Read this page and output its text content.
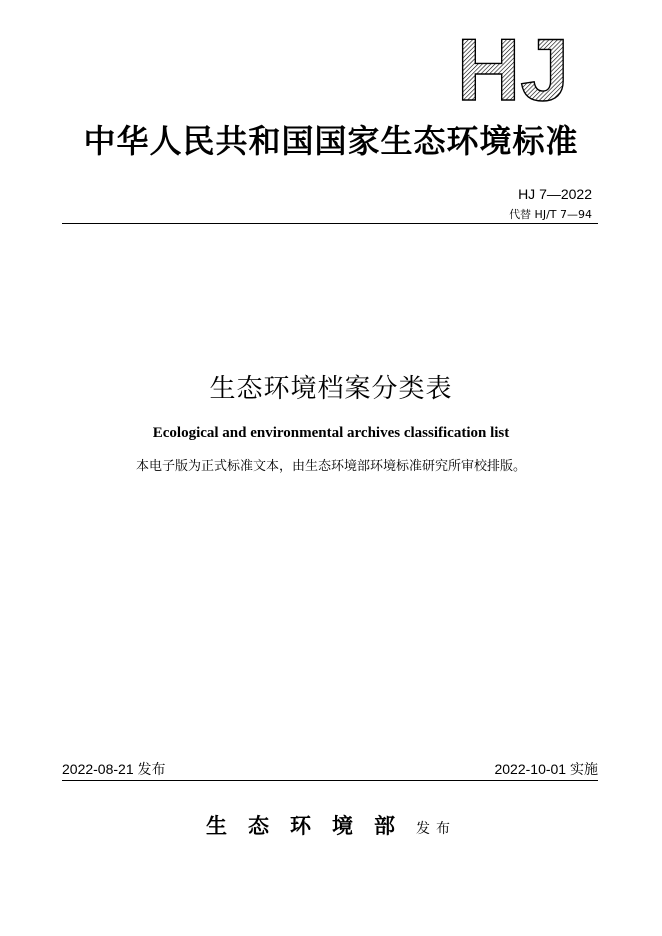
HJ
中华人民共和国国家生态环境标准
HJ 7—2022
代替 HJ/T 7—94
生态环境档案分类表
Ecological and environmental archives classification list
本电子版为正式标准文本，由生态环境部环境标准研究所审校排版。
2022-08-21 发布	2022-10-01 实施
生态环境部发布
